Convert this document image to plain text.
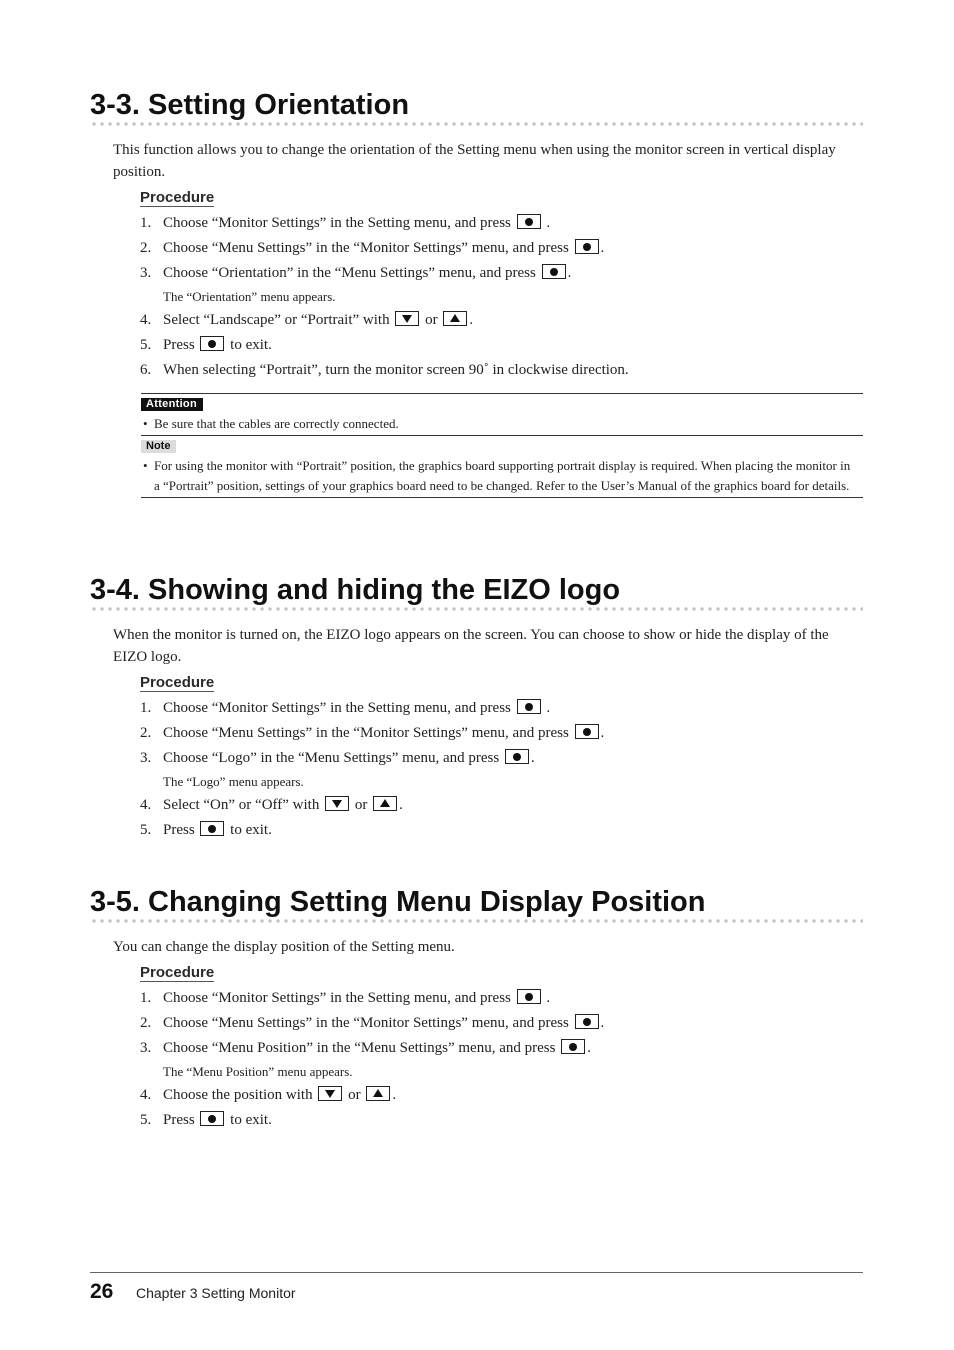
3-3. Setting Orientation

This function allows you to change the orientation of the Setting menu when using the monitor screen in vertical display position.

Procedure
1. Choose “Monitor Settings” in the Setting menu, and press  .
2. Choose “Menu Settings” in the “Monitor Settings” menu, and press .
3. Choose “Orientation” in the “Menu Settings” menu, and press .
The “Orientation” menu appears.
4. Select “Landscape” or “Portrait” with  or .
5. Press  to exit.
6. When selecting “Portrait”, turn the monitor screen 90˚ in clockwise direction.
Attention
• Be sure that the cables are correctly connected.
Note
• For using the monitor with “Portrait” position, the graphics board supporting portrait display is required. When placing the monitor in a “Portrait” position, settings of your graphics board need to be changed. Refer to the User’s Manual of the graphics board for details.
3-4. Showing and hiding the EIZO logo

When the monitor is turned on, the EIZO logo appears on the screen. You can choose to show or hide the display of the EIZO logo.

Procedure
1. Choose “Monitor Settings” in the Setting menu, and press  .
2. Choose “Menu Settings” in the “Monitor Settings” menu, and press .
3. Choose “Logo” in the “Menu Settings” menu, and press .
The “Logo” menu appears.
4. Select “On” or “Off” with  or .
5. Press  to exit.
3-5. Changing Setting Menu Display Position

You can change the display position of the Setting menu.

Procedure
1. Choose “Monitor Settings” in the Setting menu, and press  .
2. Choose “Menu Settings” in the “Monitor Settings” menu, and press .
3. Choose “Menu Position” in the “Menu Settings” menu, and press .
The “Menu Position” menu appears.
4. Choose the position with  or .
5. Press  to exit.
26 Chapter 3 Setting Monitor
